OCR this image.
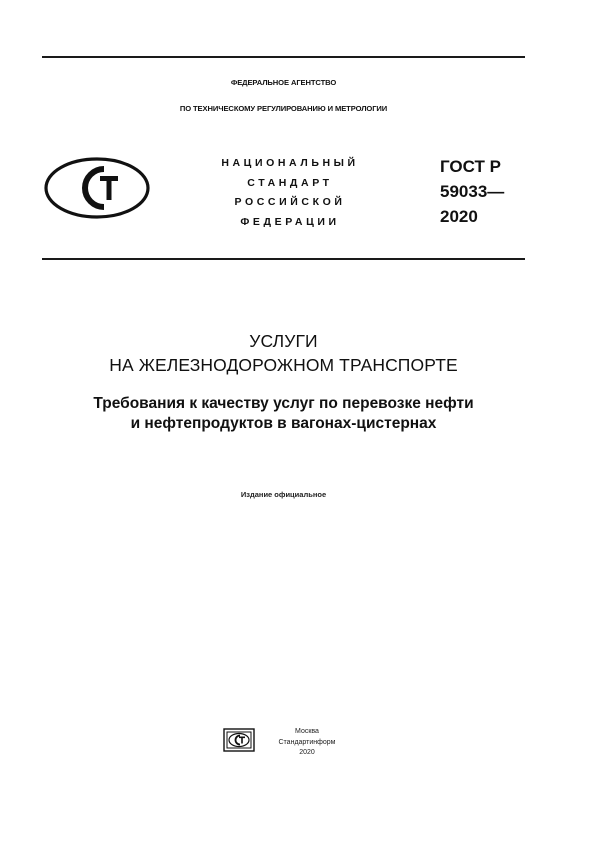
ФЕДЕРАЛЬНОЕ АГЕНТСТВО
ПО ТЕХНИЧЕСКОМУ РЕГУЛИРОВАНИЮ И МЕТРОЛОГИИ
НАЦИОНАЛЬНЫЙ
СТАНДАРТ
РОССИЙСКОЙ
ФЕДЕРАЦИИ
ГОСТ Р
59033—
2020
УСЛУГИ
НА ЖЕЛЕЗНОДОРОЖНОМ ТРАНСПОРТЕ
Требования к качеству услуг по перевозке нефти
и нефтепродуктов в вагонах-цистернах
Издание официальное
Москва
Стандартинформ
2020
